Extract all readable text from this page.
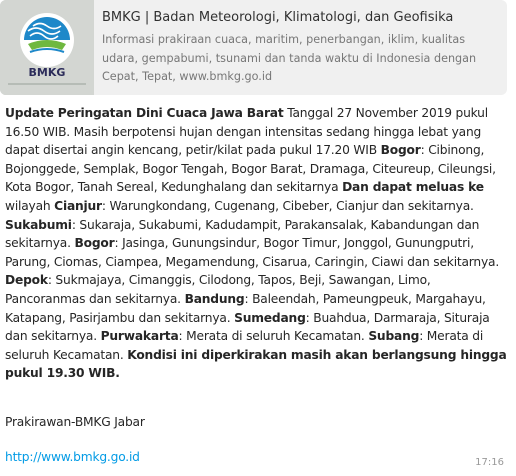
BMKG
BMKG | Badan Meteorologi, Klimatologi, dan Geofisika
Informasi prakiraan cuaca, maritim, penerbangan, iklim, kualitas udara, gempabumi, tsunami dan tanda waktu di Indonesia dengan Cepat, Tepat, www.bmkg.go.id
Update Peringatan Dini Cuaca Jawa Barat Tanggal 27 November 2019 pukul 16.50 WIB. Masih berpotensi hujan dengan intensitas sedang hingga lebat yang dapat disertai angin kencang, petir/kilat pada pukul 17.20 WIB Bogor: Cibinong, Bojonggede, Semplak, Bogor Tengah, Bogor Barat, Dramaga, Citeureup, Cileungsi, Kota Bogor, Tanah Sereal, Kedunghalang dan sekitarnya Dan dapat meluas ke wilayah Cianjur: Warungkondang, Cugenang, Cibeber, Cianjur dan sekitarnya. Sukabumi: Sukaraja, Sukabumi, Kadudampit, Parakansalak, Kabandungan dan sekitarnya. Bogor: Jasinga, Gunungsindur, Bogor Timur, Jonggol, Gunungputri, Parung, Ciomas, Ciampea, Megamendung, Cisarua, Caringin, Ciawi dan sekitarnya. Depok: Sukmajaya, Cimanggis, Cilodong, Tapos, Beji, Sawangan, Limo, Pancoranmas dan sekitarnya. Bandung: Baleendah, Pameungpeuk, Margahayu, Katapang, Pasirjambu dan sekitarnya. Sumedang: Buahdua, Darmaraja, Situraja dan sekitarnya. Purwakarta: Merata di seluruh Kecamatan. Subang: Merata di seluruh Kecamatan. Kondisi ini diperkirakan masih akan berlangsung hingga pukul 19.30 WIB.
Prakirawan-BMKG Jabar
http://www.bmkg.go.id	17:16
